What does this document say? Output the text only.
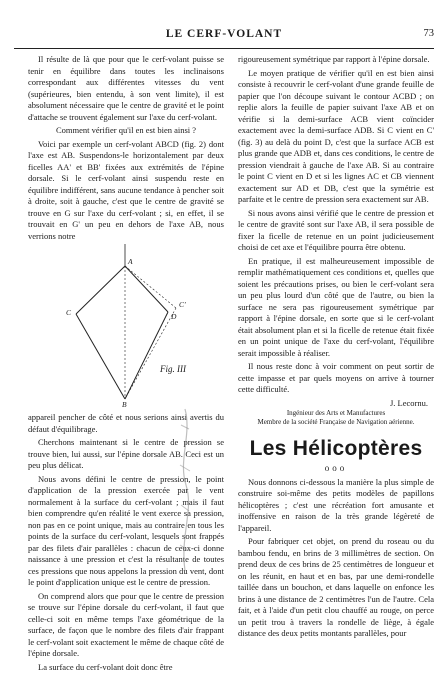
LE CERF-VOLANT	73

Il résulte de là que pour que le cerf-volant puisse se tenir en équilibre dans toutes les inclinaisons correspondant aux différentes vitesses du vent (supérieures, bien entendu, à son vent limite), il est absolument nécessaire que le centre de gravité et le point d'attache se trouvent également sur l'axe du cerf-volant.

Comment vérifier qu'il en est bien ainsi ?

Voici par exemple un cerf-volant ABCD (fig. 2) dont l'axe est AB. Suspendons-le horizontalement par deux ficelles AA' et BB' fixées aux extrémités de l'épine dorsale. Si le cerf-volant ainsi suspendu reste en équilibre indifférent, sans aucune tendance à pencher soit à droite, soit à gauche, c'est que le centre de gravité se trouve en G sur l'axe du cerf-volant ; si, en effet, il se trouvait en G' un peu en dehors de l'axe AB, nous verrions notre

A
C	D
C'
B
Fig. III

appareil pencher de côté et nous serions ainsi avertis du défaut d'équilibrage.

Cherchons maintenant si le centre de pression se trouve bien, lui aussi, sur l'épine dorsale AB. Ceci est un peu plus délicat.

Nous avons défini le centre de pression, le point d'application de la pression exercée par le vent normalement à la surface du cerf-volant ; mais il faut bien comprendre qu'en réalité le vent exerce sa pression, non pas en ce point unique, mais au contraire en tous les points de la surface du cerf-volant, lesquels sont frappés par des filets d'air parallèles : chacun de ceux-ci donne naissance à une pression et c'est la résultante de toutes ces pressions que nous appelons la pression du vent, dont le point d'application unique est le centre de pression.

On comprend alors que pour que le centre de pression se trouve sur l'épine dorsale du cerf-volant, il faut que celle-ci soit en même temps l'axe géométrique de la surface, de façon que le nombre des filets d'air frappant le cerf-volant soit exactement le même de chaque côté de l'épine dorsale.

La surface du cerf-volant doit donc être

rigoureusement symétrique par rapport à l'épine dorsale.

Le moyen pratique de vérifier qu'il en est bien ainsi consiste à recouvrir le cerf-volant d'une grande feuille de papier que l'on découpe suivant le contour ACBD ; on replie alors la feuille de papier suivant l'axe AB et on vérifie si la demi-surface ACB vient coïncider exactement avec la demi-surface ADB. Si C vient en C' (fig. 3) au delà du point D, c'est que la surface ACB est plus grande que ADB et, dans ces conditions, le centre de pression viendrait à gauche de l'axe AB. Si au contraire le point C vient en D et si les lignes AC et CB viennent exactement sur AD et DB, c'est que la symétrie est parfaite et le centre de pression sera exactement sur AB.

Si nous avons ainsi vérifié que le centre de pression et le centre de gravité sont sur l'axe AB, il sera possible de fixer la ficelle de retenue en un point judicieusement choisi de cet axe et l'équilibre pourra être obtenu.

En pratique, il est malheureusement impossible de remplir mathématiquement ces conditions et, quelles que soient les précautions prises, ou bien le cerf-volant sera un peu plus lourd d'un côté que de l'autre, ou bien la surface ne sera pas rigoureusement symétrique par rapport à l'épine dorsale, en sorte que si le cerf-volant était absolument plan et si la ficelle de retenue était fixée en un point unique de l'axe du cerf-volant, l'équilibre serait impossible à réaliser.

Il nous reste donc à voir comment on peut sortir de cette impasse et par quels moyens on arrive à tourner cette difficulté.

J. Lecornu.
Ingénieur des Arts et Manufactures
Membre de la société Française de Navigation aérienne.
Les Hélicoptères
ooo

Nous donnons ci-dessous la manière la plus simple de construire soi-même des petits modèles de papillons hélicoptères ; c'est une récréation fort amusante et inoffensive en raison de la très grande légèreté de l'appareil.

Pour fabriquer cet objet, on prend du roseau ou du bambou fendu, en brins de 3 millimètres de section. On prend deux de ces brins de 25 centimètres de longueur et on les réunit, en haut et en bas, par une demi-rondelle taillée dans un bouchon, et dans laquelle on enfonce les brins à une distance de 2 centimètres l'un de l'autre. Cela fait, et à l'aide d'un petit clou chauffé au rouge, on perce un petit trou à travers la rondelle de liège, à égale distance des deux petits montants parallèles, pour
